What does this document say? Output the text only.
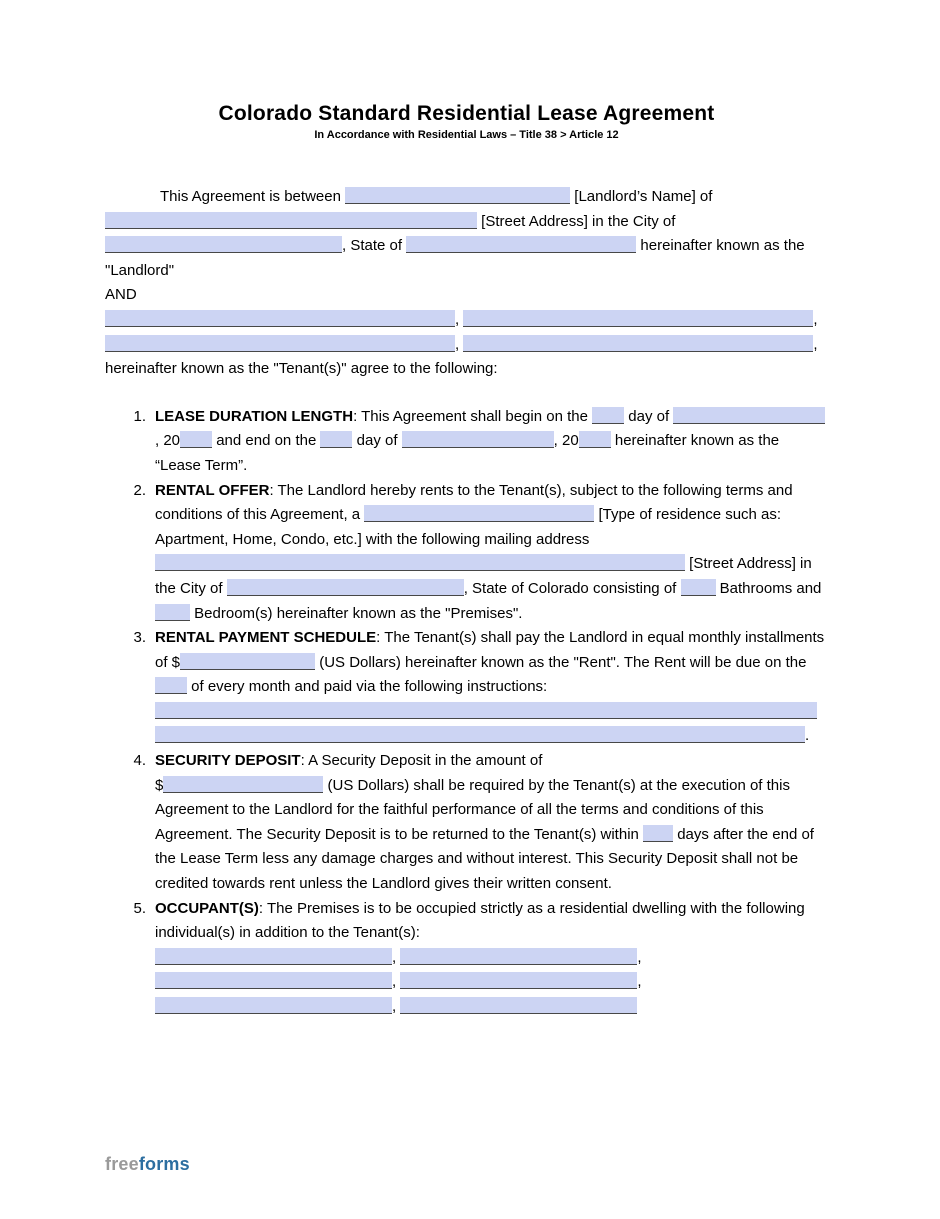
Colorado Standard Residential Lease Agreement
In Accordance with Residential Laws – Title 38 > Article 12

This Agreement is between	[Landlord’s Name] of  [Street Address] in the City of , State of	hereinafter known as the "Landlord"

AND

,	,
,	,

hereinafter known as the "Tenant(s)" agree to the following:

1. LEASE DURATION LENGTH: This Agreement shall begin on the  day of , 20 and end on the  day of	, 20 hereinafter known as the “Lease Term”.
2. RENTAL OFFER: The Landlord hereby rents to the Tenant(s), subject to the following terms and conditions of this Agreement, a	[Type of residence such as: Apartment, Home, Condo, etc.] with the following mailing address  [Street Address] in the City of	, State of Colorado consisting of  Bathrooms and  Bedroom(s) hereinafter known as the "Premises".
3. RENTAL PAYMENT SCHEDULE: The Tenant(s) shall pay the Landlord in equal monthly installments of $	(US Dollars) hereinafter known as the "Rent". The Rent will be due on the  of every month and paid via the following instructions:

.
4. SECURITY DEPOSIT: A Security Deposit in the amount of
$	(US Dollars) shall be required by the Tenant(s) at the execution of this Agreement to the Landlord for the faithful performance of all the terms and conditions of this Agreement. The Security Deposit is to be returned to the Tenant(s) within  days after the end of the Lease Term less any damage charges and without interest. This Security Deposit shall not be credited towards rent unless the Landlord gives their written consent.
5. OCCUPANT(S): The Premises is to be occupied strictly as a residential dwelling with the following individual(s) in addition to the Tenant(s):
,	,
,	,
,
freeforms
